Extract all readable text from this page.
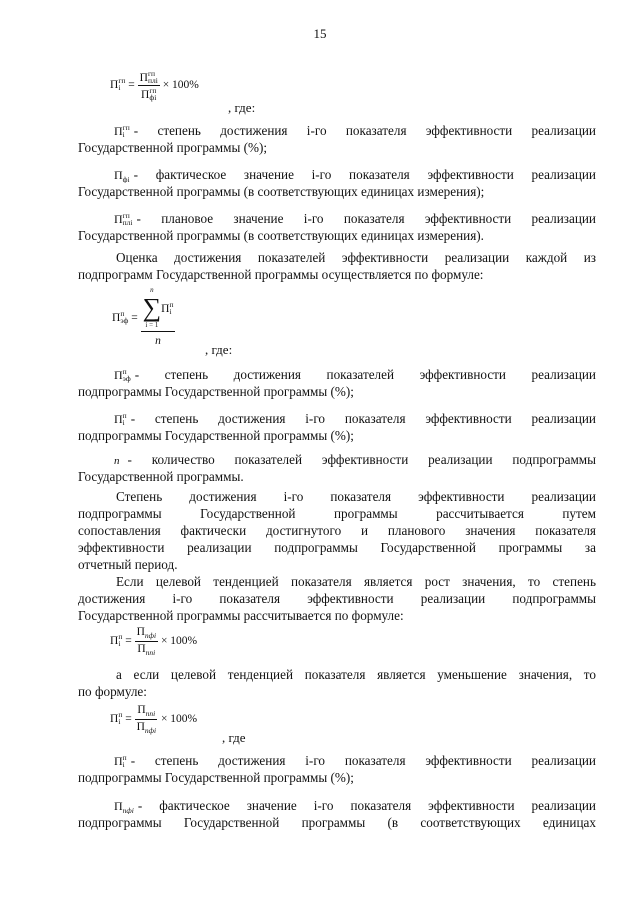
15
П гп
i = П гп
плi
П гп
фi × 100%
, где:
П гп
i - степень достижения i-го показателя эффективности реализации
Государственной программы (%);
$П_{фi}$ - фактическое значение i-го показателя эффективности реализации
Государственной программы (в соответствующих единицах измерения);
П гп
плi - плановое значение i-го показателя эффективности реализации
Государственной программы (в соответствующих единицах измерения).
Оценка достижения показателей эффективности реализации каждой из
подпрограмм Государственной программы осуществляется по формуле:
П п
эф = n
∑
i = 1
П п
i
n
, где:
П п
эф - степень достижения показателей эффективности реализации
подпрограммы Государственной программы (%);
П п
i - степень достижения i-го показателя эффективности реализации
подпрограммы Государственной программы (%);
n - количество показателей эффективности реализации подпрограммы
Государственной программы.
Степень достижения i-го показателя эффективности реализации
подпрограммы Государственной программы рассчитывается путем
сопоставления фактически достигнутого и планового значения показателя
эффективности реализации подпрограммы Государственной программы за
отчетный период.
Если целевой тенденцией показателя является рост значения, то степень
достижения i-го показателя эффективности реализации подпрограммы
Государственной программы рассчитывается по формуле:
П п
$i = \frac{П_{пфi}}{П_{ппi}} \times 100\%$
а если целевой тенденцией показателя является уменьшение значения, то
по формуле:
П п
$i = \frac{П_{ппi}}{П_{пфi}} \times 100\%$
, где
П п
i - степень достижения i-го показателя эффективности реализации
подпрограммы Государственной программы (%);
$П_{пфi}$ - фактическое значение i-го показателя эффективности реализации
подпрограммы Государственной программы (в соответствующих единицах
